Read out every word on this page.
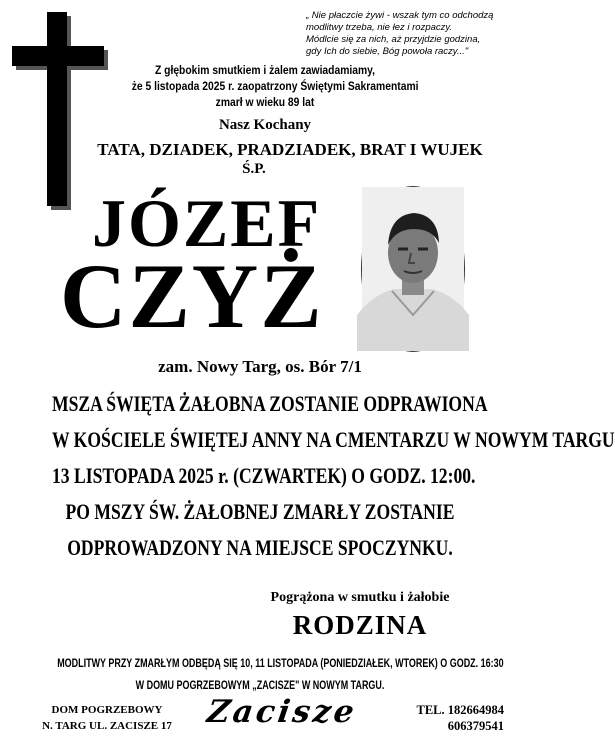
„ Nie płaczcie żywi - wszak tym co odchodzą
modlitwy trzeba, nie łez i rozpaczy.
Módlcie się za nich, aż przyjdzie godzina,
gdy Ich do siebie, Bóg powoła raczy..."
Z głębokim smutkiem i żalem zawiadamiamy,
że 5 listopada 2025 r. zaopatrzony Świętymi Sakramentami
zmarł w wieku 89 lat
Nasz Kochany
TATA, DZIADEK, PRADZIADEK, BRAT I WUJEK
Ś.P.
JÓZEF
CZYŻ
zam. Nowy Targ, os. Bór 7/1
MSZA ŚWIĘTA ŻAŁOBNA ZOSTANIE ODPRAWIONA
W KOŚCIELE ŚWIĘTEJ ANNY NA CMENTARZU W NOWYM TARGU
13 LISTOPADA 2025 r. (CZWARTEK) O GODZ. 12:00.
PO MSZY ŚW. ŻAŁOBNEJ ZMARŁY ZOSTANIE
ODPROWADZONY NA MIEJSCE SPOCZYNKU.
Pogrążona w smutku i żałobie
RODZINA
MODLITWY PRZY ZMARŁYM ODBĘDĄ SIĘ 10, 11 LISTOPADA (PONIEDZIAŁEK, WTOREK) O GODZ. 16:30
W DOMU POGRZEBOWYM „ZACISZE" W NOWYM TARGU.
DOM POGRZEBOWY
N. TARG UL. ZACISZE 17	Zacisze	TEL. 182664984
606379541
